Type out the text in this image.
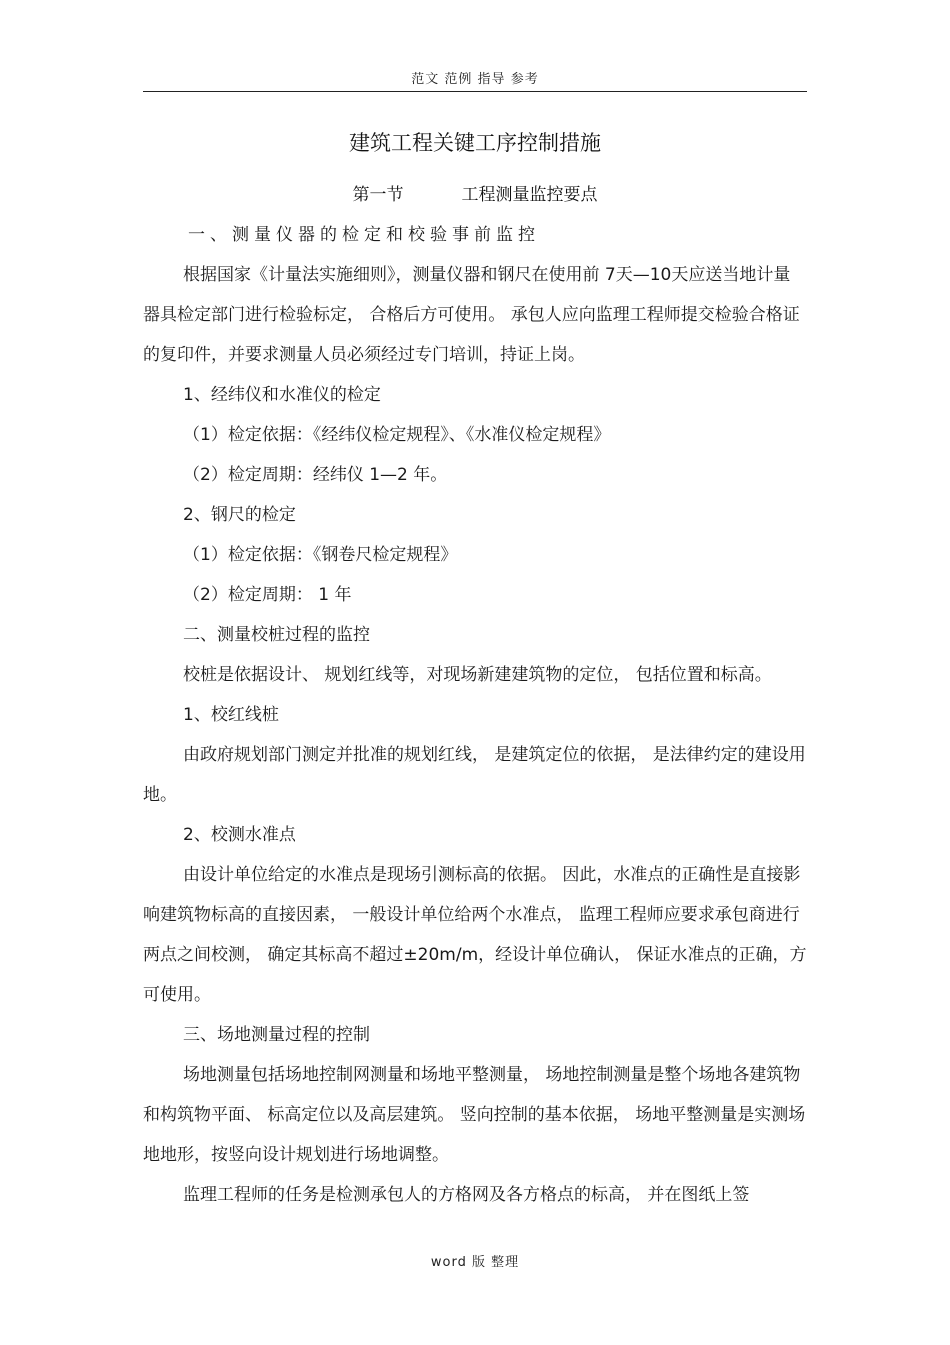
范文 范例 指导 参考
建筑工程关键工序控制措施
第一节	工程测量监控要点

一、测量仪器的检定和校验事前监控

根据国家《计量法实施细则》，测量仪器和钢尺在使用前 7天—10天应送当地计量器具检定部门进行检验标定， 合格后方可使用。 承包人应向监理工程师提交检验合格证的复印件，并要求测量人员必须经过专门培训，持证上岗。

1、经纬仪和水准仪的检定

（1）检定依据：《经纬仪检定规程》、《水准仪检定规程》

（2）检定周期：经纬仪 1—2 年。

2、钢尺的检定

（1）检定依据：《钢卷尺检定规程》

（2）检定周期： 1 年

二、测量校桩过程的监控

校桩是依据设计、 规划红线等，对现场新建建筑物的定位， 包括位置和标高。

1、校红线桩

由政府规划部门测定并批准的规划红线， 是建筑定位的依据， 是法律约定的建设用地。

2、校测水准点

由设计单位给定的水准点是现场引测标高的依据。 因此，水准点的正确性是直接影响建筑物标高的直接因素， 一般设计单位给两个水准点， 监理工程师应要求承包商进行两点之间校测， 确定其标高不超过±20m/m，经设计单位确认， 保证水准点的正确，方可使用。

三、场地测量过程的控制

场地测量包括场地控制网测量和场地平整测量， 场地控制测量是整个场地各建筑物和构筑物平面、 标高定位以及高层建筑。 竖向控制的基本依据， 场地平整测量是实测场地地形，按竖向设计规划进行场地调整。

监理工程师的任务是检测承包人的方格网及各方格点的标高， 并在图纸上签

word 版 整理
